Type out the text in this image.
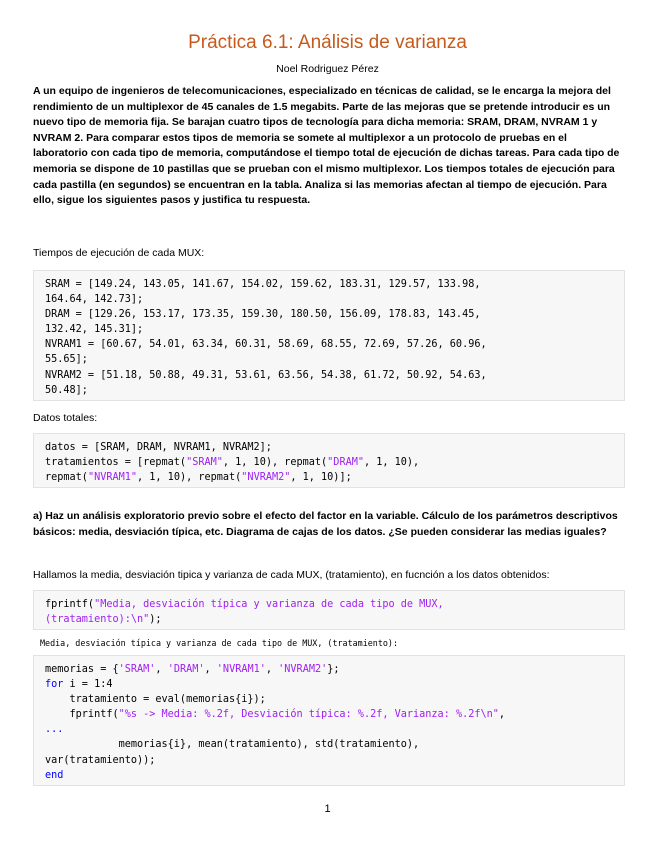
Práctica 6.1: Análisis de varianza
Noel Rodriguez Pérez
A un equipo de ingenieros de telecomunicaciones, especializado en técnicas de calidad, se le encarga la mejora del rendimiento de un multiplexor de 45 canales de 1.5 megabits. Parte de las mejoras que se pretende introducir es un nuevo tipo de memoria fija. Se barajan cuatro tipos de tecnología para dicha memoria: SRAM, DRAM, NVRAM 1 y NVRAM 2. Para comparar estos tipos de memoria se somete al multiplexor a un protocolo de pruebas en el laboratorio con cada tipo de memoria, computándose el tiempo total de ejecución de dichas tareas. Para cada tipo de memoria se dispone de 10 pastillas que se prueban con el mismo multiplexor. Los tiempos totales de ejecución para cada pastilla (en segundos) se encuentran en la tabla. Analiza si las memorias afectan al tiempo de ejecución. Para ello, sigue los siguientes pasos y justifica tu respuesta.
Tiempos de ejecución de cada MUX:
SRAM = [149.24, 143.05, 141.67, 154.02, 159.62, 183.31, 129.57, 133.98,
164.64, 142.73];
DRAM = [129.26, 153.17, 173.35, 159.30, 180.50, 156.09, 178.83, 143.45,
132.42, 145.31];
NVRAM1 = [60.67, 54.01, 63.34, 60.31, 58.69, 68.55, 72.69, 57.26, 60.96,
55.65];
NVRAM2 = [51.18, 50.88, 49.31, 53.61, 63.56, 54.38, 61.72, 50.92, 54.63,
50.48];
Datos totales:
datos = [SRAM, DRAM, NVRAM1, NVRAM2];
tratamientos = [repmat("SRAM", 1, 10), repmat("DRAM", 1, 10),
repmat("NVRAM1", 1, 10), repmat("NVRAM2", 1, 10)];
a) Haz un análisis exploratorio previo sobre el efecto del factor en la variable. Cálculo de los parámetros descriptivos básicos: media, desviación típica, etc. Diagrama de cajas de los datos. ¿Se pueden considerar las medias iguales?
Hallamos la media, desviación tipica y varianza de cada MUX, (tratamiento), en fucnción a los datos obtenidos:
fprintf("Media, desviación típica y varianza de cada tipo de MUX,
(tratamiento):\n");
Media, desviación típica y varianza de cada tipo de MUX, (tratamiento):
memorias = {'SRAM', 'DRAM', 'NVRAM1', 'NVRAM2'};
for i = 1:4
tratamiento = eval(memorias{i});
fprintf("%s -> Media: %.2f, Desviación típica: %.2f, Varianza: %.2f\n",
...
memorias{i}, mean(tratamiento), std(tratamiento),
var(tratamiento));
end
1
